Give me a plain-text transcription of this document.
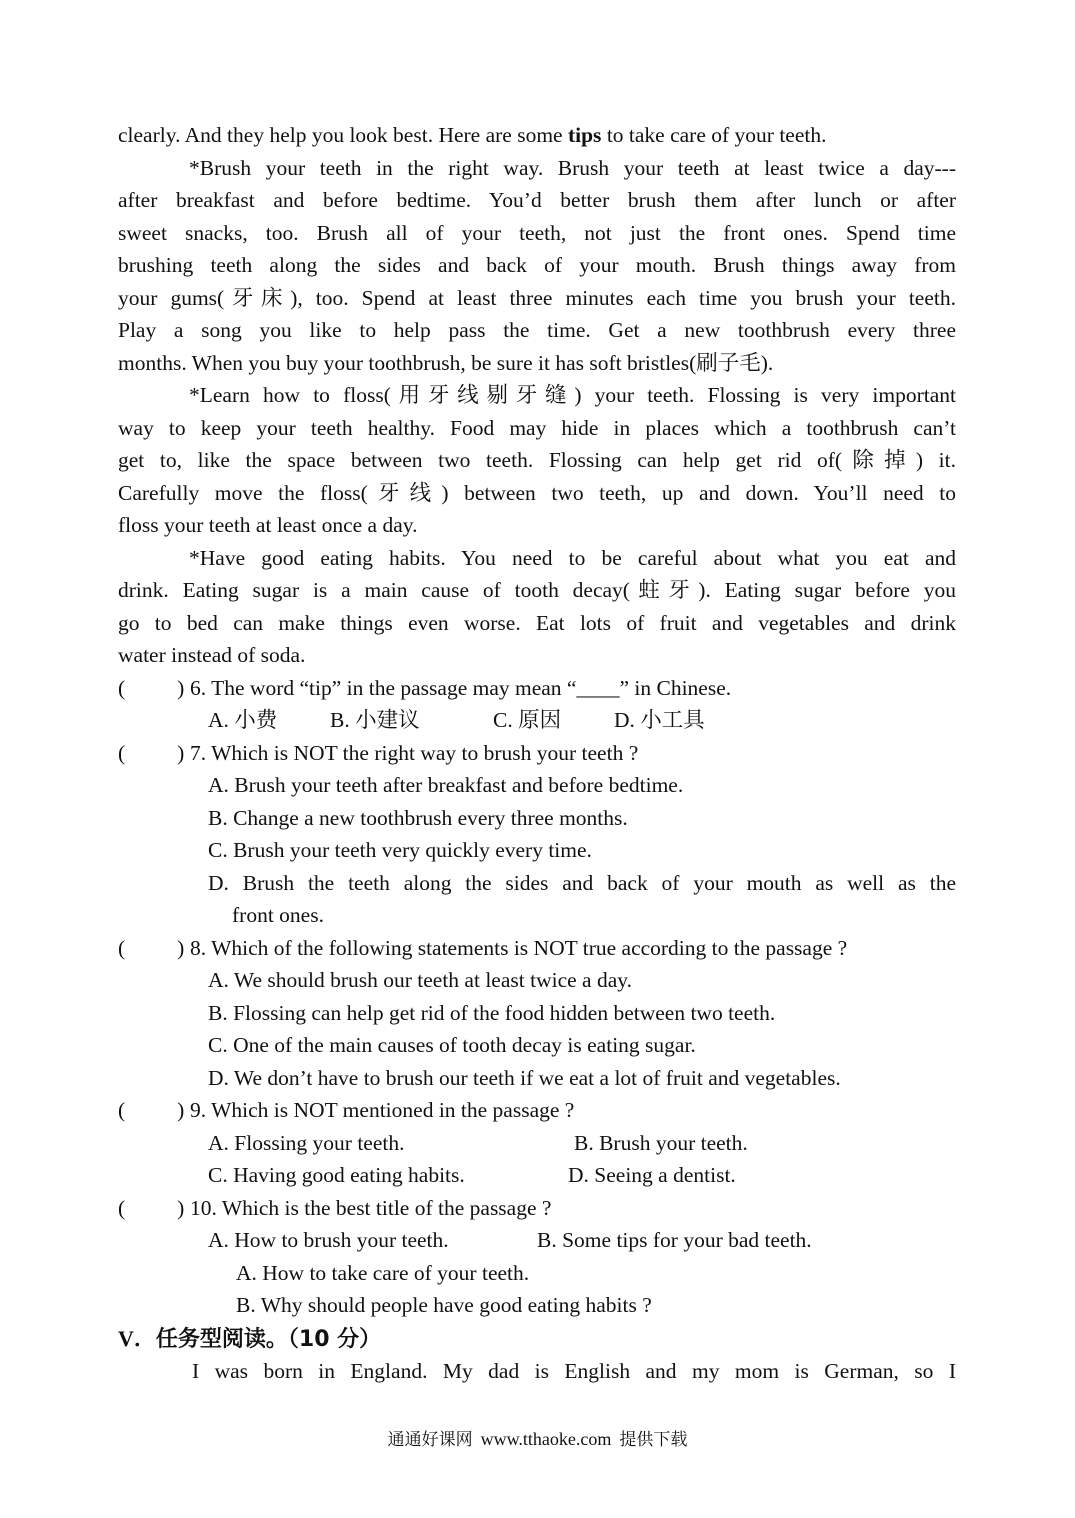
clearly. And they help you look best. Here are some tips to take care of your teeth.
*Brush your teeth in the right way. Brush your teeth at least twice a day---
after breakfast and before bedtime. You’d better brush them after lunch or after
sweet snacks, too. Brush all of your teeth, not just the front ones. Spend time
brushing teeth along the sides and back of your mouth. Brush things away from
your gums(牙床), too. Spend at least three minutes each time you brush your teeth.
Play a song you like to help pass the time. Get a new toothbrush every three
months. When you buy your toothbrush, be sure it has soft bristles(刷子毛).
*Learn how to floss(用牙线剔牙缝) your teeth. Flossing is very important
way to keep your teeth healthy. Food may hide in places which a toothbrush can’t
get to, like the space between two teeth. Flossing can help get rid of(除掉) it.
Carefully move the floss(牙线) between two teeth, up and down. You’ll need to
floss your teeth at least once a day.
*Have good eating habits. You need to be careful about what you eat and
drink. Eating sugar is a main cause of tooth decay(蛀牙). Eating sugar before you
go to bed can make things even worse. Eat lots of fruit and vegetables and drink
water instead of soda.
( ) 6. The word “tip” in the passage may mean “____” in Chinese.
A. 小费 B. 小建议	C. 原因 D. 小工具
( ) 7. Which is NOT the right way to brush your teeth ?
A. Brush your teeth after breakfast and before bedtime.
B. Change a new toothbrush every three months.
C. Brush your teeth very quickly every time.
D. Brush the teeth along the sides and back of your mouth as well as the
front ones.
( ) 8. Which of the following statements is NOT true according to the passage ?
A. We should brush our teeth at least twice a day.
B. Flossing can help get rid of the food hidden between two teeth.
C. One of the main causes of tooth decay is eating sugar.
D. We don’t have to brush our teeth if we eat a lot of fruit and vegetables.
( ) 9. Which is NOT mentioned in the passage ?
A. Flossing your teeth.	B. Brush your teeth.
C. Having good eating habits.	D. Seeing a dentist.
( ) 10. Which is the best title of the passage ?
A. How to brush your teeth.	B. Some tips for your bad teeth.
A. How to take care of your teeth.
B. Why should people have good eating habits ?
V．任务型阅读。（10 分）
I was born in England. My dad is English and my mom is German, so I
通通好课网 www.tthaoke.com 提供下载
